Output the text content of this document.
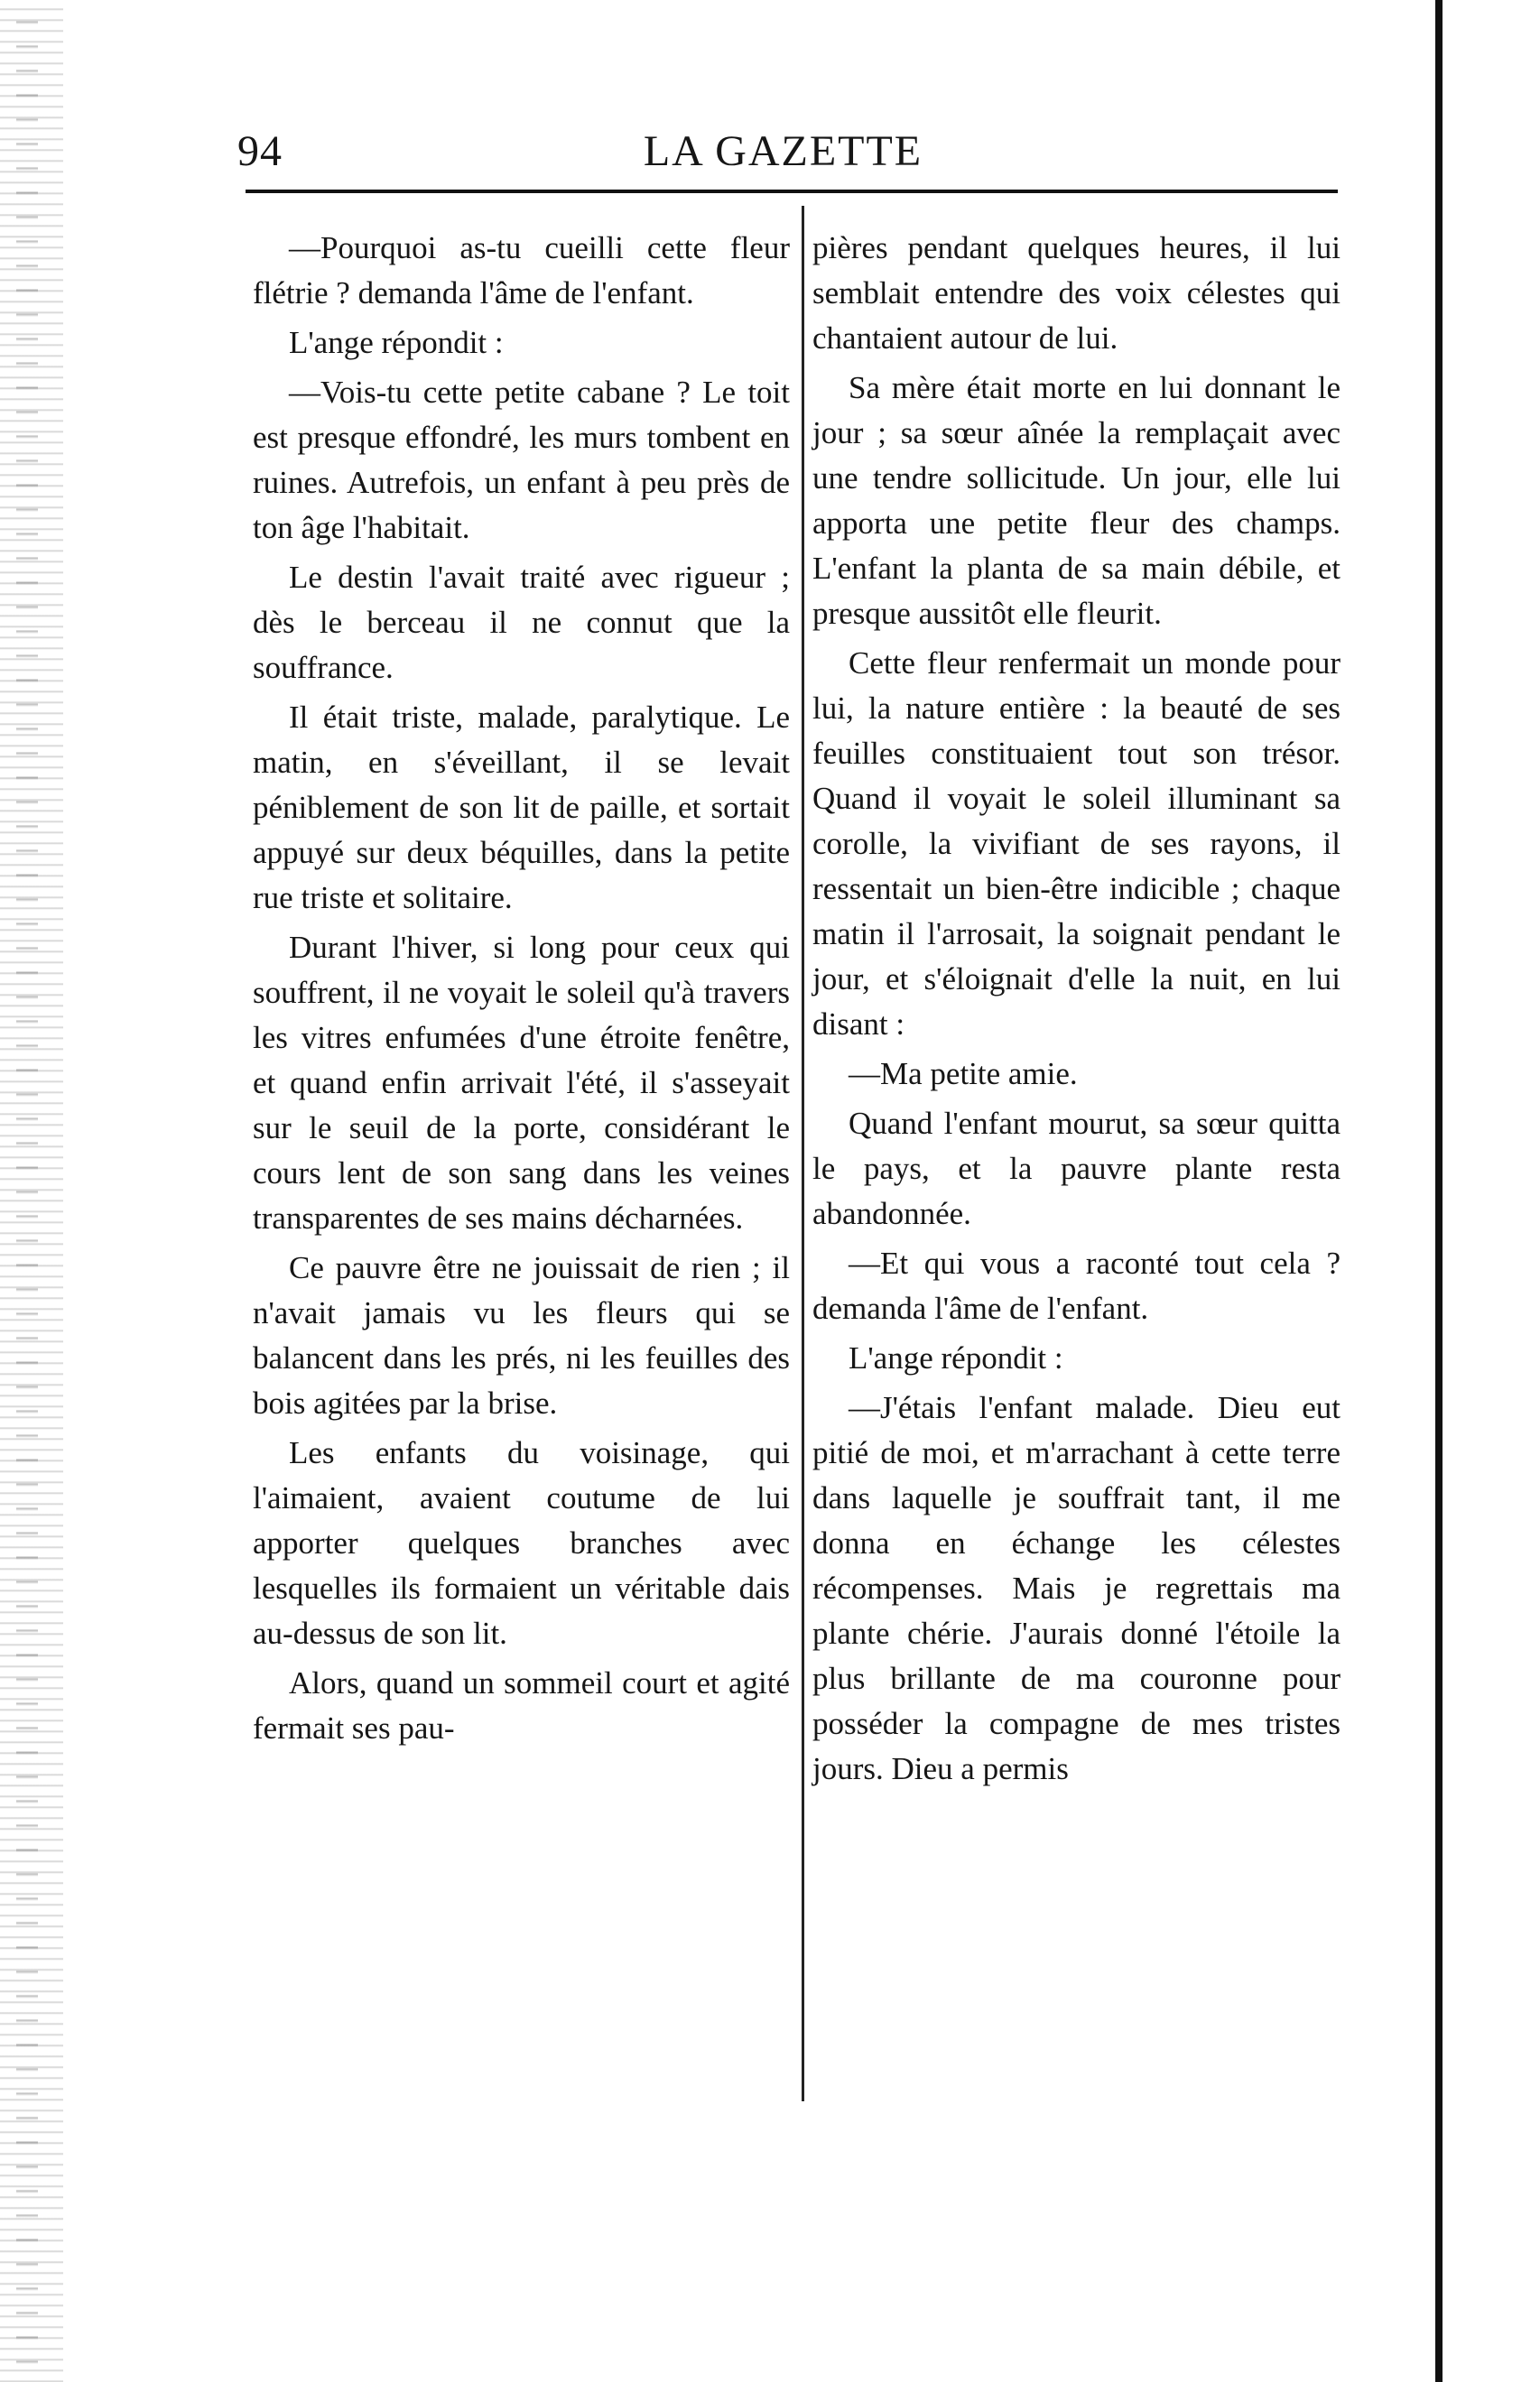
94	LA GAZETTE

—Pourquoi as-tu cueilli cette fleur flétrie ? demanda l'âme de l'enfant.

L'ange répondit :

—Vois-tu cette petite cabane ? Le toit est presque effondré, les murs tombent en ruines. Autrefois, un enfant à peu près de ton âge l'habitait.

Le destin l'avait traité avec rigueur ; dès le berceau il ne connut que la souffrance.

Il était triste, malade, paralytique. Le matin, en s'éveillant, il se levait péniblement de son lit de paille, et sortait appuyé sur deux béquilles, dans la petite rue triste et solitaire.

Durant l'hiver, si long pour ceux qui souffrent, il ne voyait le soleil qu'à travers les vitres enfumées d'une étroite fenêtre, et quand enfin arrivait l'été, il s'asseyait sur le seuil de la porte, considérant le cours lent de son sang dans les veines transparentes de ses mains décharnées.

Ce pauvre être ne jouissait de rien ; il n'avait jamais vu les fleurs qui se balancent dans les prés, ni les feuilles des bois agitées par la brise.

Les enfants du voisinage, qui l'aimaient, avaient coutume de lui apporter quelques branches avec lesquelles ils formaient un véritable dais au-dessus de son lit.

Alors, quand un sommeil court et agité fermait ses pau-

pières pendant quelques heures, il lui semblait entendre des voix célestes qui chantaient autour de lui.

Sa mère était morte en lui donnant le jour ; sa sœur aînée la remplaçait avec une tendre sollicitude. Un jour, elle lui apporta une petite fleur des champs. L'enfant la planta de sa main débile, et presque aussitôt elle fleurit.

Cette fleur renfermait un monde pour lui, la nature entière : la beauté de ses feuilles constituaient tout son trésor. Quand il voyait le soleil illuminant sa corolle, la vivifiant de ses rayons, il ressentait un bien-être indicible ; chaque matin il l'arrosait, la soignait pendant le jour, et s'éloignait d'elle la nuit, en lui disant :

—Ma petite amie.

Quand l'enfant mourut, sa sœur quitta le pays, et la pauvre plante resta abandonnée.

—Et qui vous a raconté tout cela ? demanda l'âme de l'enfant.

L'ange répondit :

—J'étais l'enfant malade. Dieu eut pitié de moi, et m'arrachant à cette terre dans laquelle je souffrait tant, il me donna en échange les célestes récompenses. Mais je regrettais ma plante chérie. J'aurais donné l'étoile la plus brillante de ma couronne pour posséder la compagne de mes tristes jours. Dieu a permis
